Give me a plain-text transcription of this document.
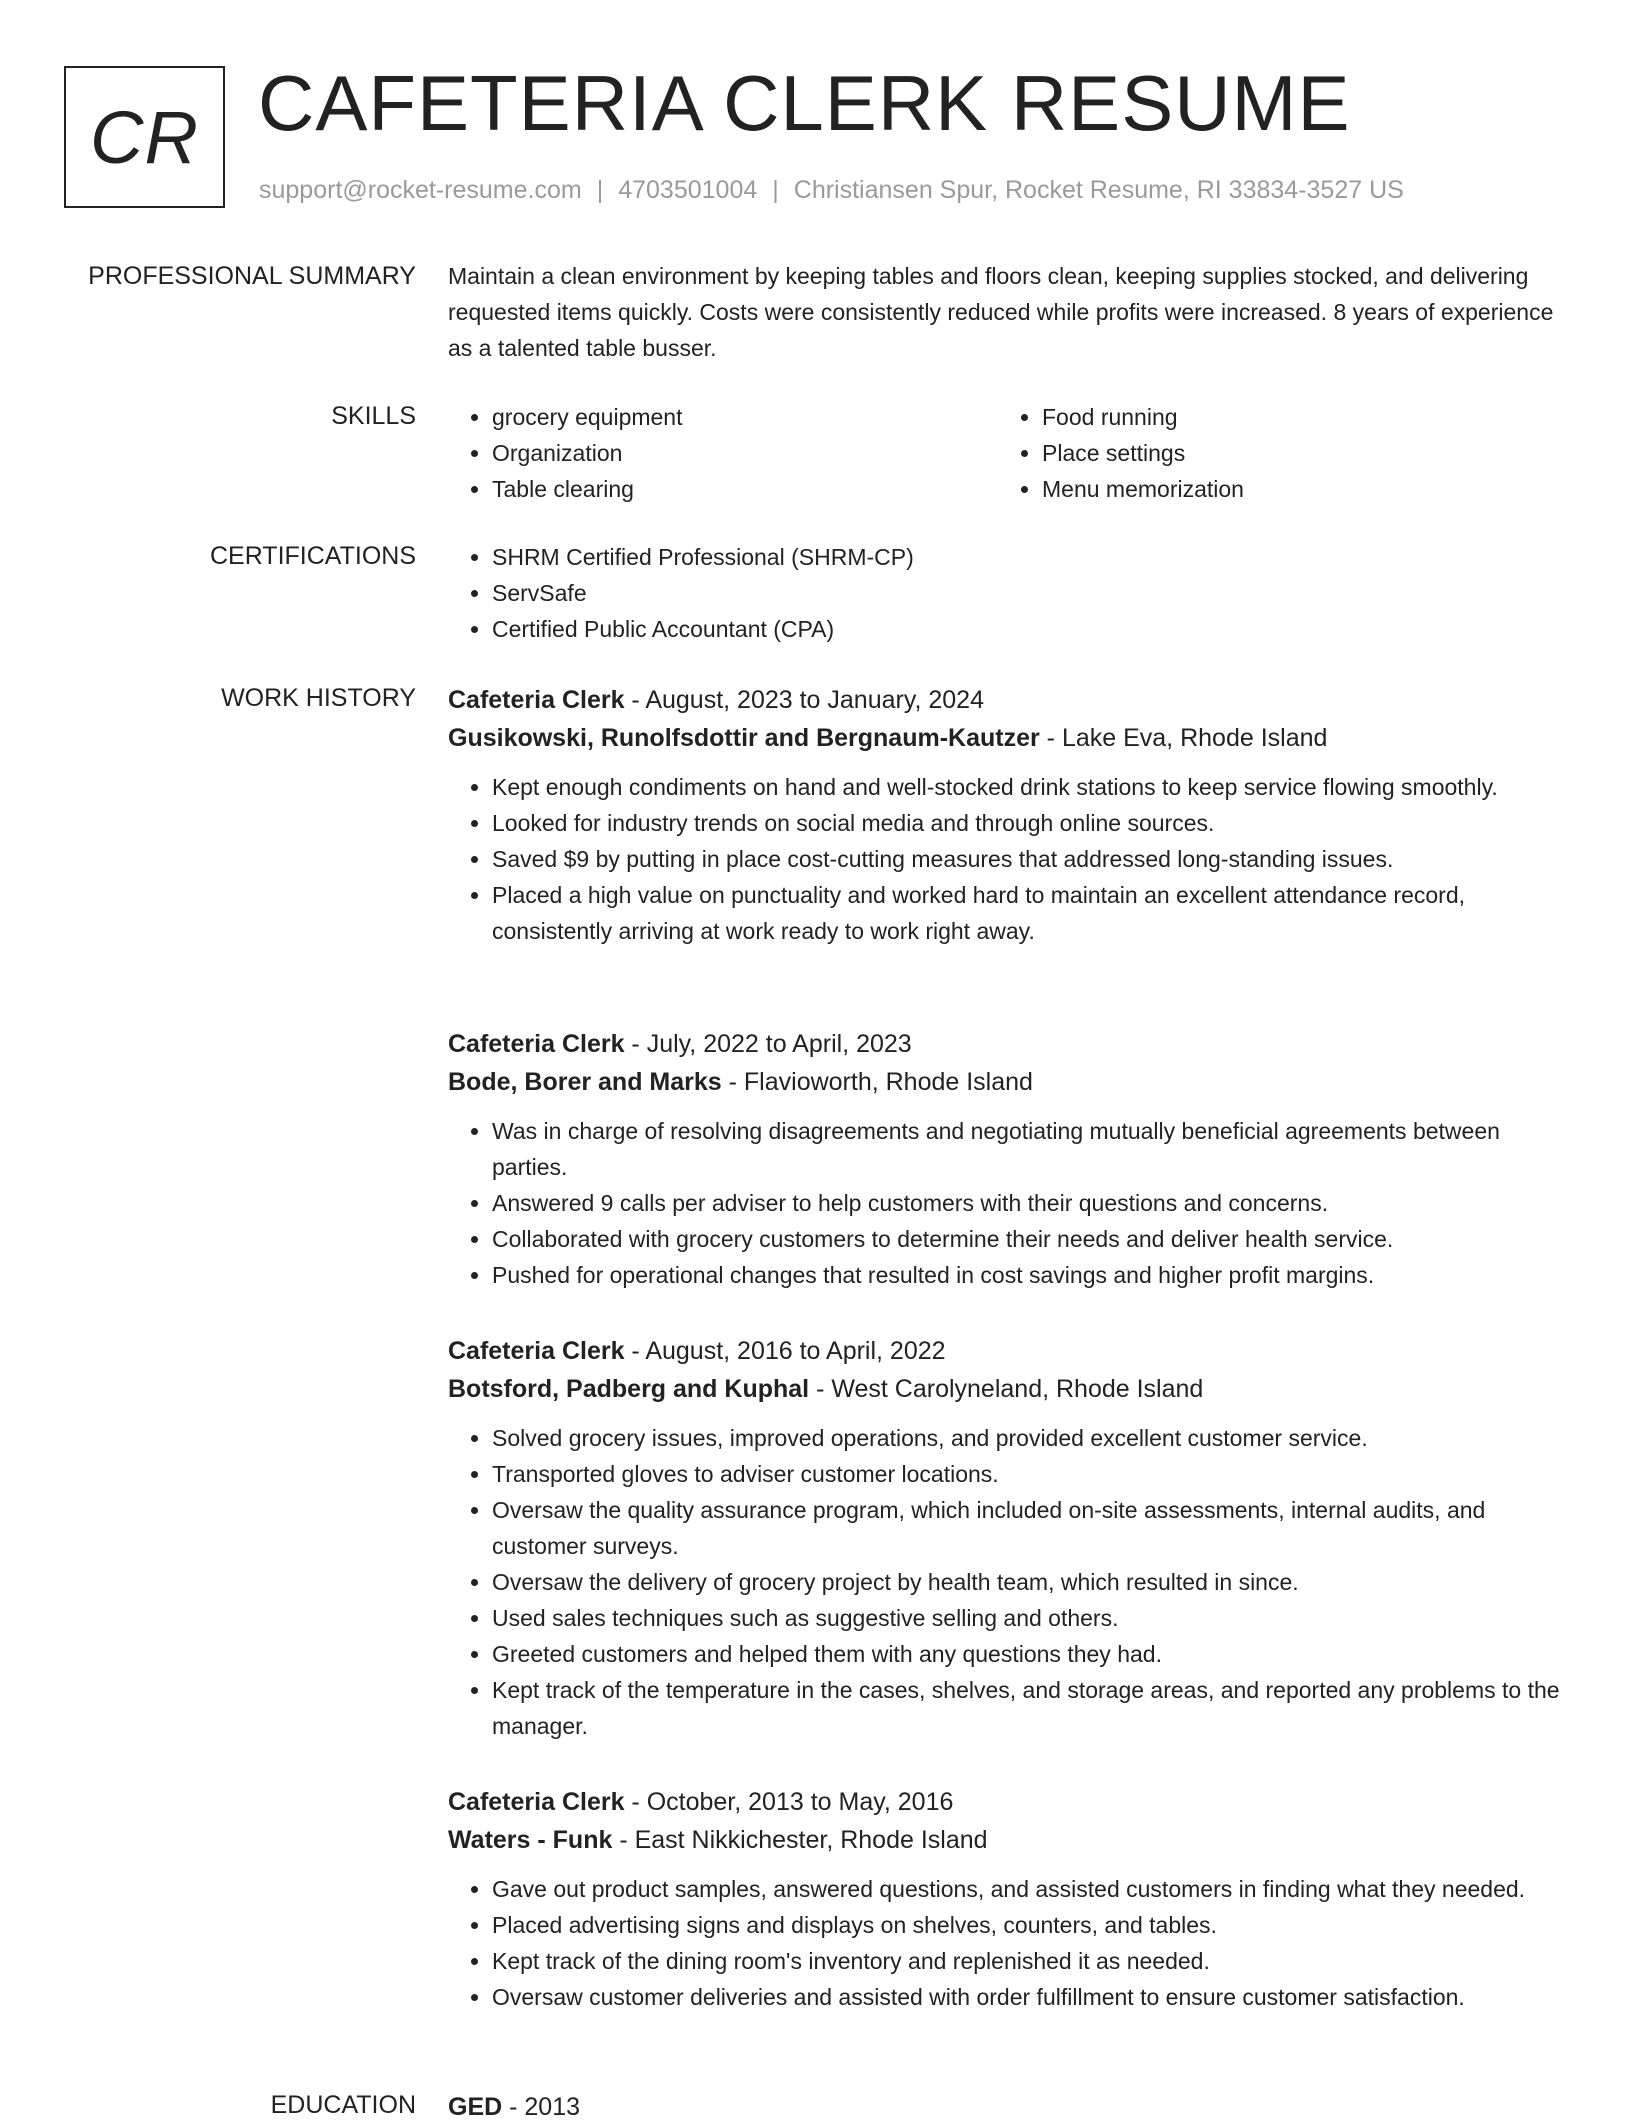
CR CAFETERIA CLERK RESUME
support@rocket-resume.com | 4703501004 | Christiansen Spur, Rocket Resume, RI 33834-3527 US
PROFESSIONAL SUMMARY Maintain a clean environment by keeping tables and floors clean, keeping supplies stocked, and delivering requested items quickly. Costs were consistently reduced while profits were increased. 8 years of experience as a talented table busser.

SKILLS	• grocery equipment
• Organization
• Table clearing
• Food running
• Place settings
• Menu memorization
CERTIFICATIONS	• SHRM Certified Professional (SHRM-CP)
• ServSafe
• Certified Public Accountant (CPA)
WORK HISTORY Cafeteria Clerk - August, 2023 to January, 2024
Gusikowski, Runolfsdottir and Bergnaum-Kautzer - Lake Eva, Rhode Island
• Kept enough condiments on hand and well-stocked drink stations to keep service flowing smoothly.
• Looked for industry trends on social media and through online sources.
• Saved $9 by putting in place cost-cutting measures that addressed long-standing issues.
• Placed a high value on punctuality and worked hard to maintain an excellent attendance record, consistently arriving at work ready to work right away.
Cafeteria Clerk - July, 2022 to April, 2023
Bode, Borer and Marks - Flavioworth, Rhode Island
• Was in charge of resolving disagreements and negotiating mutually beneficial agreements between parties.
• Answered 9 calls per adviser to help customers with their questions and concerns.
• Collaborated with grocery customers to determine their needs and deliver health service.
• Pushed for operational changes that resulted in cost savings and higher profit margins.
Cafeteria Clerk - August, 2016 to April, 2022
Botsford, Padberg and Kuphal - West Carolyneland, Rhode Island
• Solved grocery issues, improved operations, and provided excellent customer service.
• Transported gloves to adviser customer locations.
• Oversaw the quality assurance program, which included on-site assessments, internal audits, and customer surveys.
• Oversaw the delivery of grocery project by health team, which resulted in since.
• Used sales techniques such as suggestive selling and others.
• Greeted customers and helped them with any questions they had.
• Kept track of the temperature in the cases, shelves, and storage areas, and reported any problems to the manager.
Cafeteria Clerk - October, 2013 to May, 2016
Waters - Funk - East Nikkichester, Rhode Island
• Gave out product samples, answered questions, and assisted customers in finding what they needed.
• Placed advertising signs and displays on shelves, counters, and tables.
• Kept track of the dining room's inventory and replenished it as needed.
• Oversaw customer deliveries and assisted with order fulfillment to ensure customer satisfaction.
EDUCATION GED - 2013
